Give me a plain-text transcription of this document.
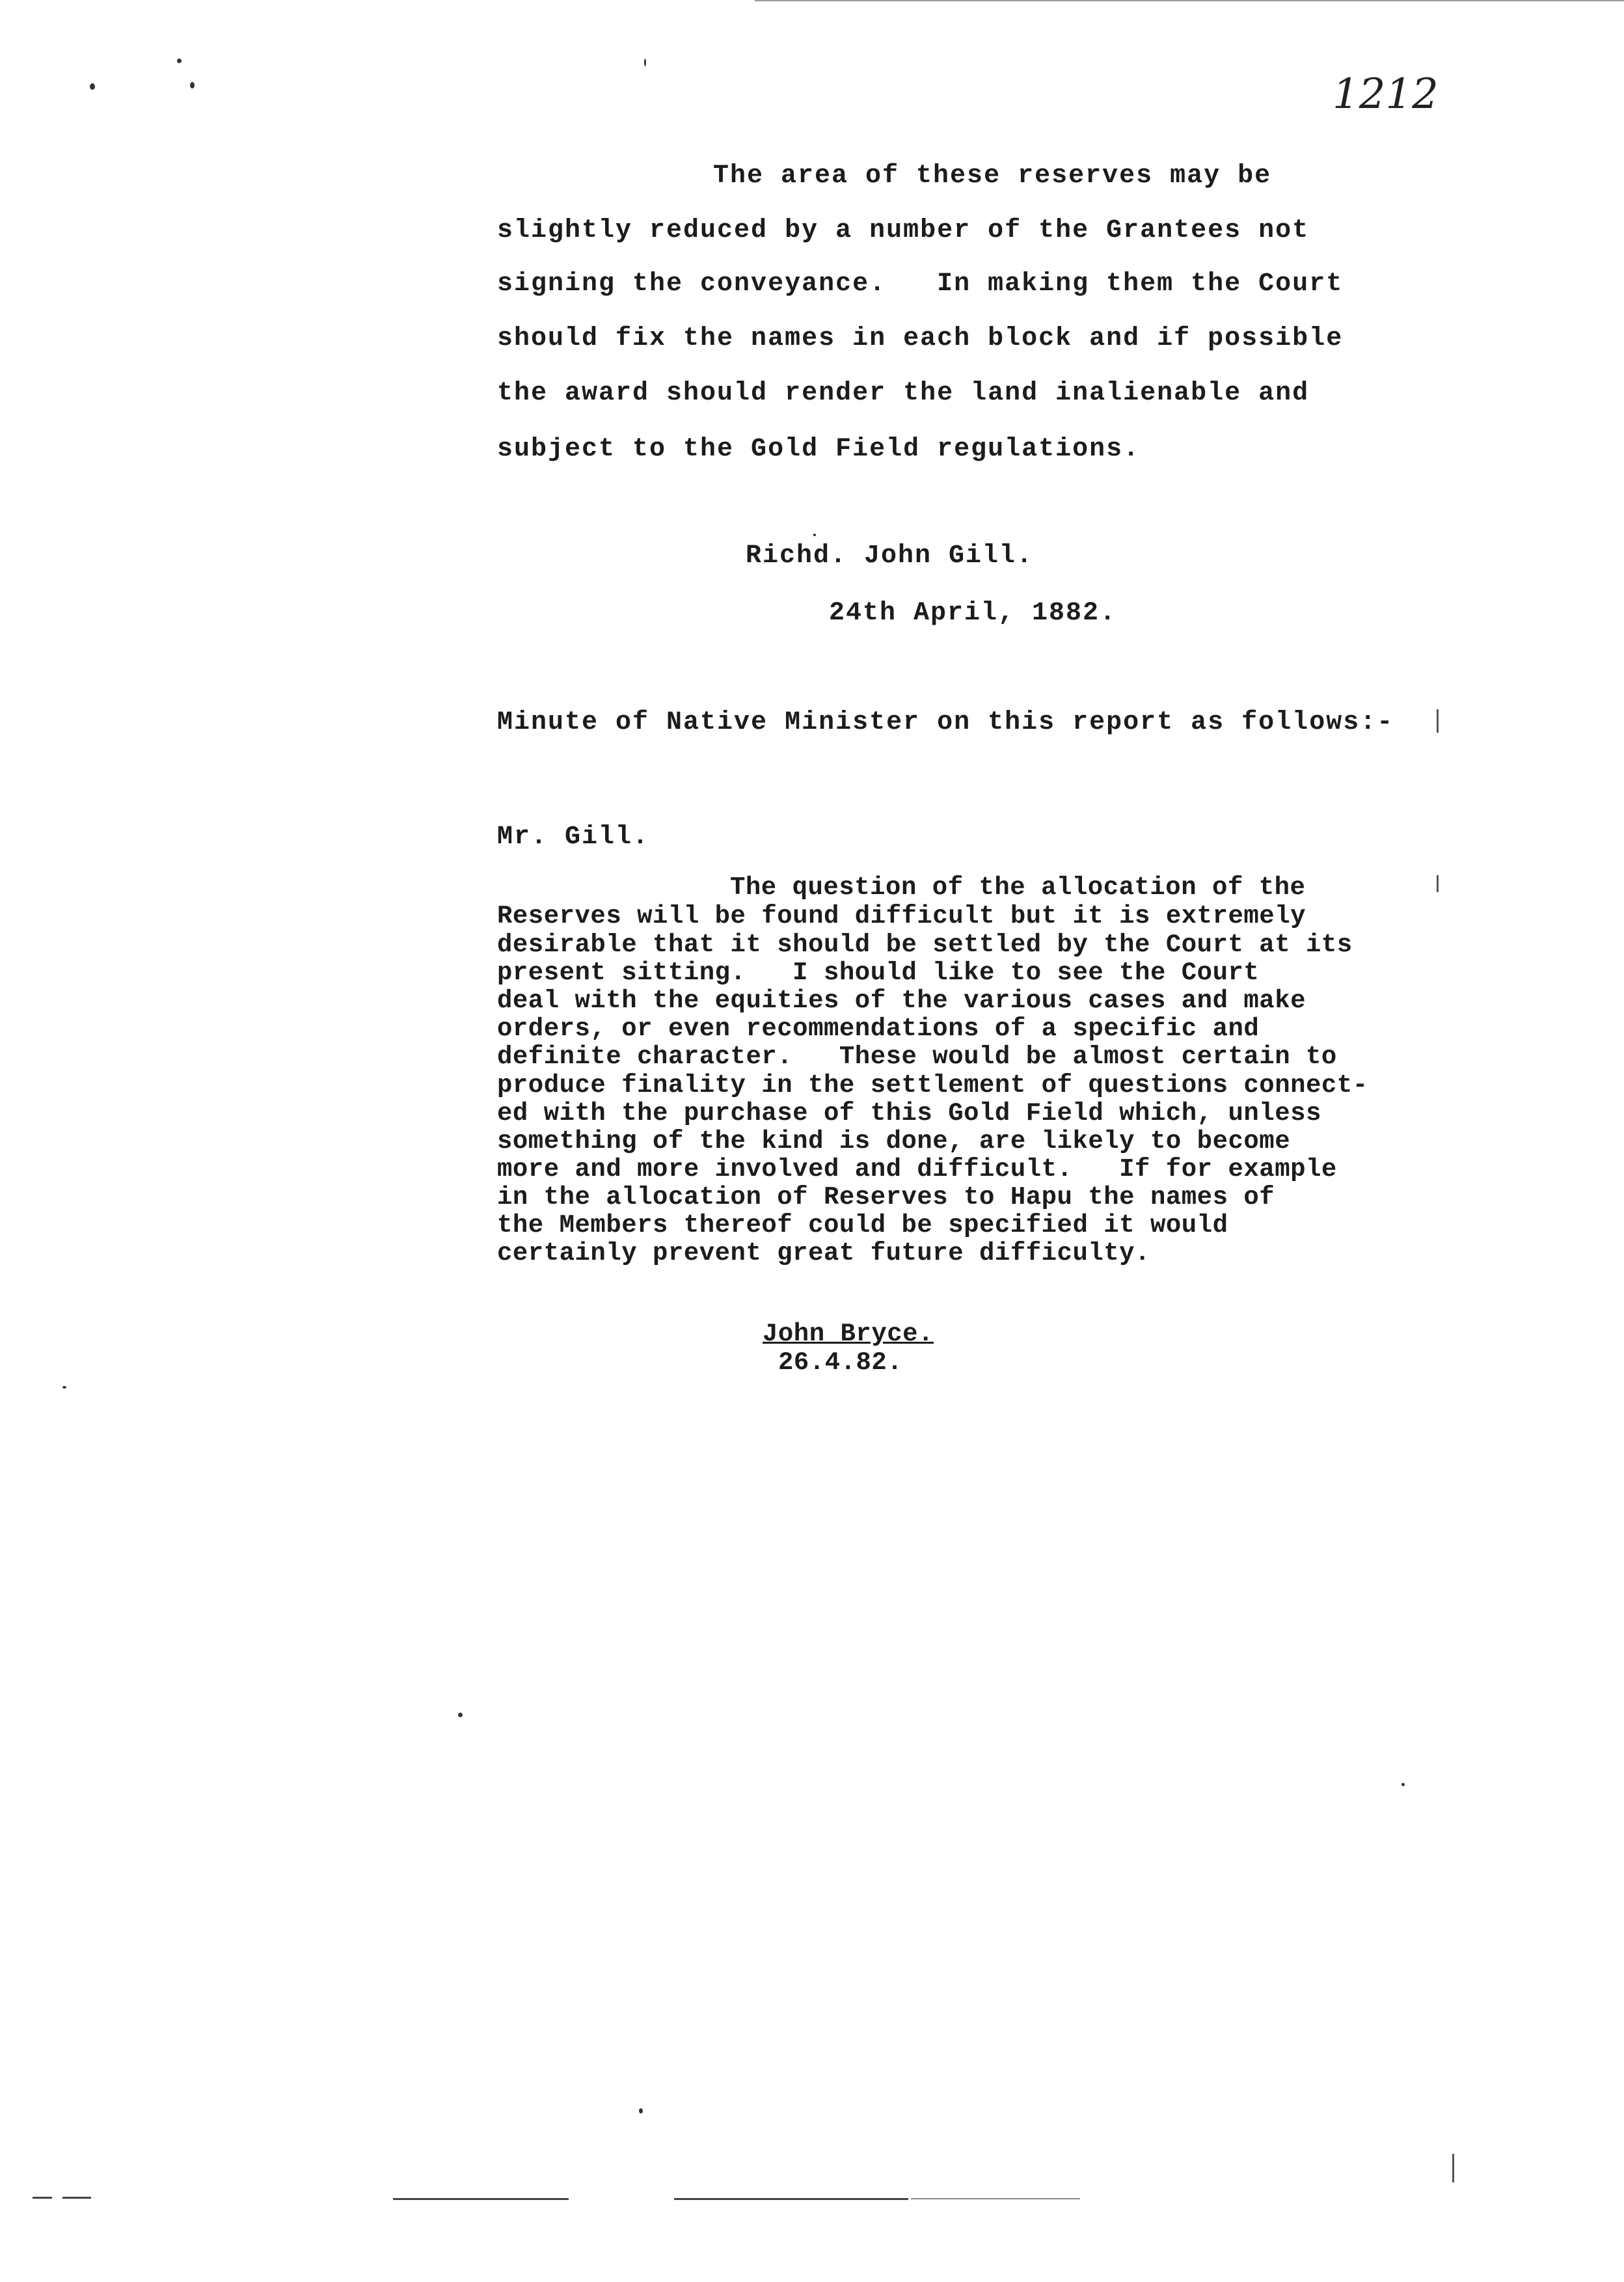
1212
The area of these reserves may be
slightly reduced by a number of the Grantees not
signing the conveyance.   In making them the Court
should fix the names in each block and if possible
the award should render the land inalienable and
subject to the Gold Field regulations.
Richd. John Gill.
24th April, 1882.
Minute of Native Minister on this report as follows:-
Mr. Gill.
The question of the allocation of the
Reserves will be found difficult but it is extremely
desirable that it should be settled by the Court at its
present sitting.   I should like to see the Court
deal with the equities of the various cases and make
orders, or even recommendations of a specific and
definite character.   These would be almost certain to
produce finality in the settlement of questions connect-
ed with the purchase of this Gold Field which, unless
something of the kind is done, are likely to become
more and more involved and difficult.   If for example
in the allocation of Reserves to Hapu the names of
the Members thereof could be specified it would
certainly prevent great future difficulty.
John Bryce.
26.4.82.
